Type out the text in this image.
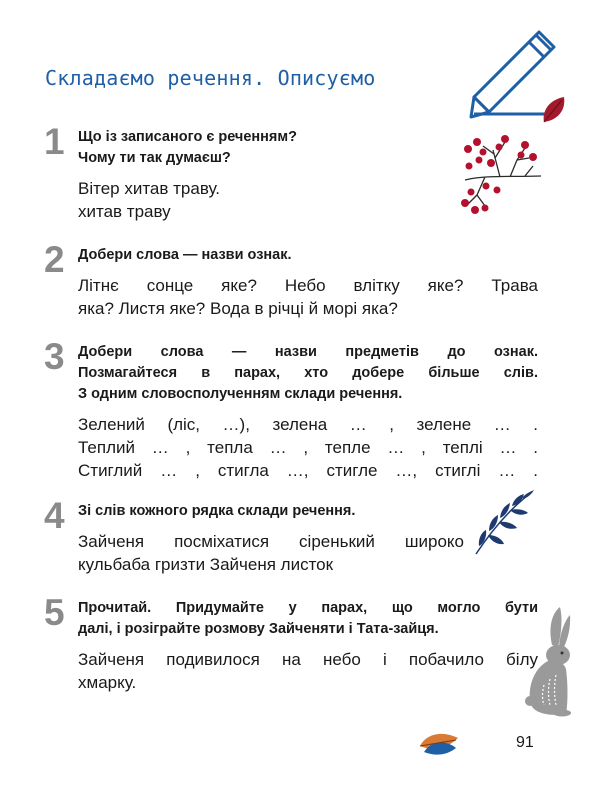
Складаємо речення. Описуємо
1 Що із записаного є реченням?

Чому ти так думаєш?

Вітер хитав траву.

хитав траву

2 Добери слова — назви ознак.

Літнє сонце яке? Небо влітку яке? Трава

яка? Листя яке? Вода в річці й морі яка?

3 Добери слова — назви предметів до ознак.

Позмагайтеся в парах, хто добере більше слів.

З одним словосполученням склади речення.

Зелений (ліс, …), зелена … , зелене … .

Теплий … , тепла … , тепле … , теплі … .

Стиглий … , стигла …, стигле …, стиглі … .

4 Зі слів кожного рядка склади речення.

Зайченя посміхатися сіренький широко

кульбаба гризти Зайченя листок

5 Прочитай. Придумайте у парах, що могло бути

далі, і розіграйте розмову Зайченяти і Тата-зайця.

Зайченя подивилося на небо і побачило білу

хмарку.

91
